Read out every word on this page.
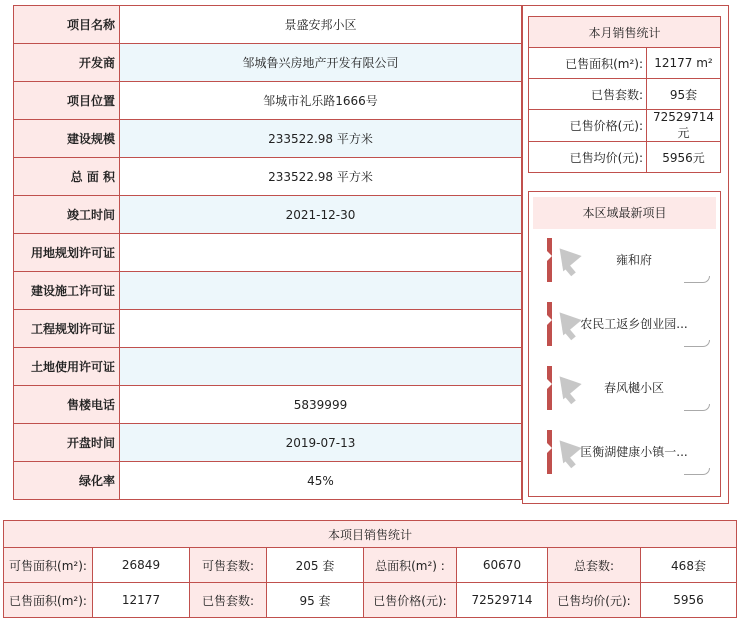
项目名称	景盛安邦小区
开发商	邹城鲁兴房地产开发有限公司
项目位置	邹城市礼乐路1666号
建设规模	233522.98 平方米
总 面 积	233522.98 平方米
竣工时间	2021-12-30
用地规划许可证	
建设施工许可证	
工程规划许可证	
土地使用许可证	
售楼电话	5839999
开盘时间	2019-07-13
绿化率	45%
本月销售统计	
已售面积(m²):	12177 m²
已售套数:	95套
已售价格(元):	72529714元
已售均价(元):	5956元
本区域最新项目
雍和府
农民工返乡创业园...
春风樾小区
匡衡湖健康小镇一...
本项目销售统计							
可售面积(m²):	26849	可售套数:	205 套	总面积(m²) :	60670	总套数:	468套
已售面积(m²):	12177	已售套数:	95 套	已售价格(元):	72529714	已售均价(元):	5956
